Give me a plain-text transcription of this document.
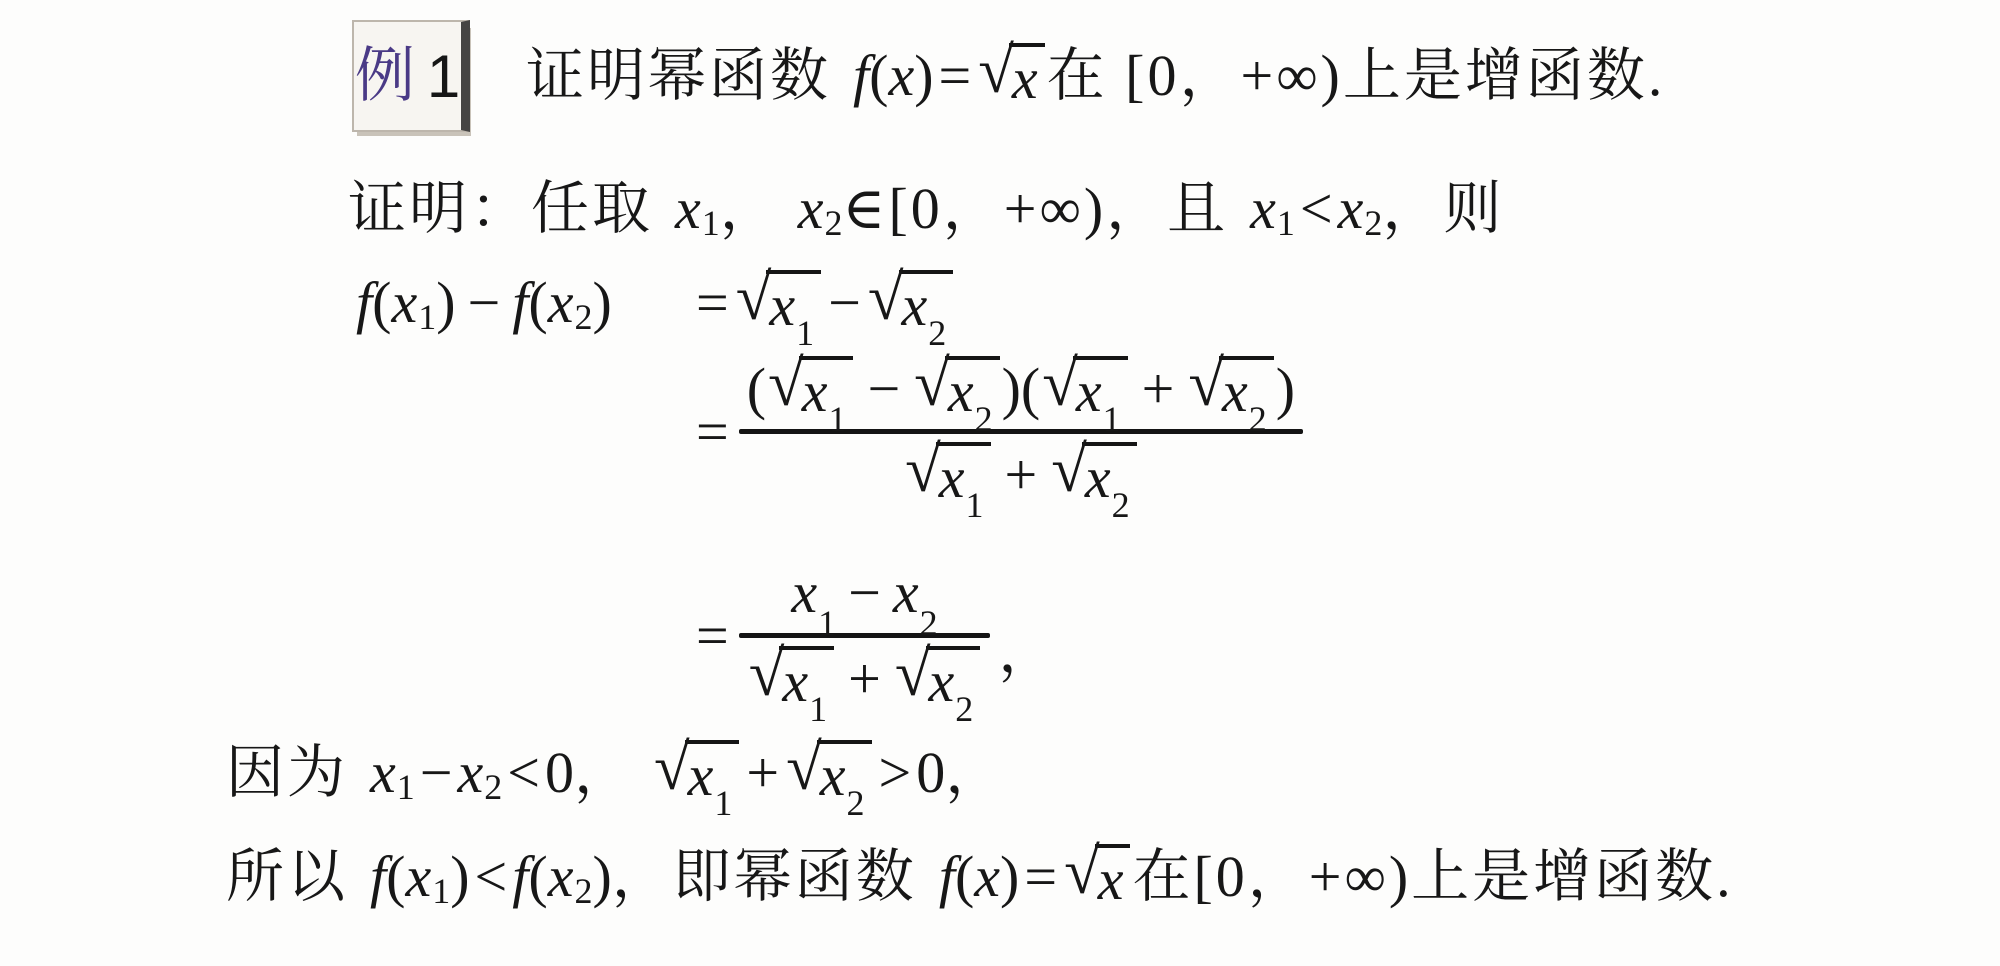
例 1 证明幂函数 f ( x ) = √
x 在 [0，+∞)上是增函数.
证明：任取 $x_1$ ， $x_2$ ∈[0，+∞)，且 $x_1 < x_2$ ，则
f ( $x_1$ ) − f ( $x_2$ ) = √
$x_1$ − √
$x_2$
=
( √
$x_1$ − √
$x_2$ ) ( √
$x_1$ + √
$x_2$ )
√
$x_1$ + √
$x_2$
=
$x_1 - x_2$
√
$x_1$ + √
$x_2$
，
因为 $x_1 - x_2 < 0$ ， √
$x_1$ + √
$x_2 > 0$ ，
所以 f ( $x_1$ ) < f ( $x_2$ ) ，即幂函数 f ( x ) = √
x 在[0，+∞)上是增函数.
